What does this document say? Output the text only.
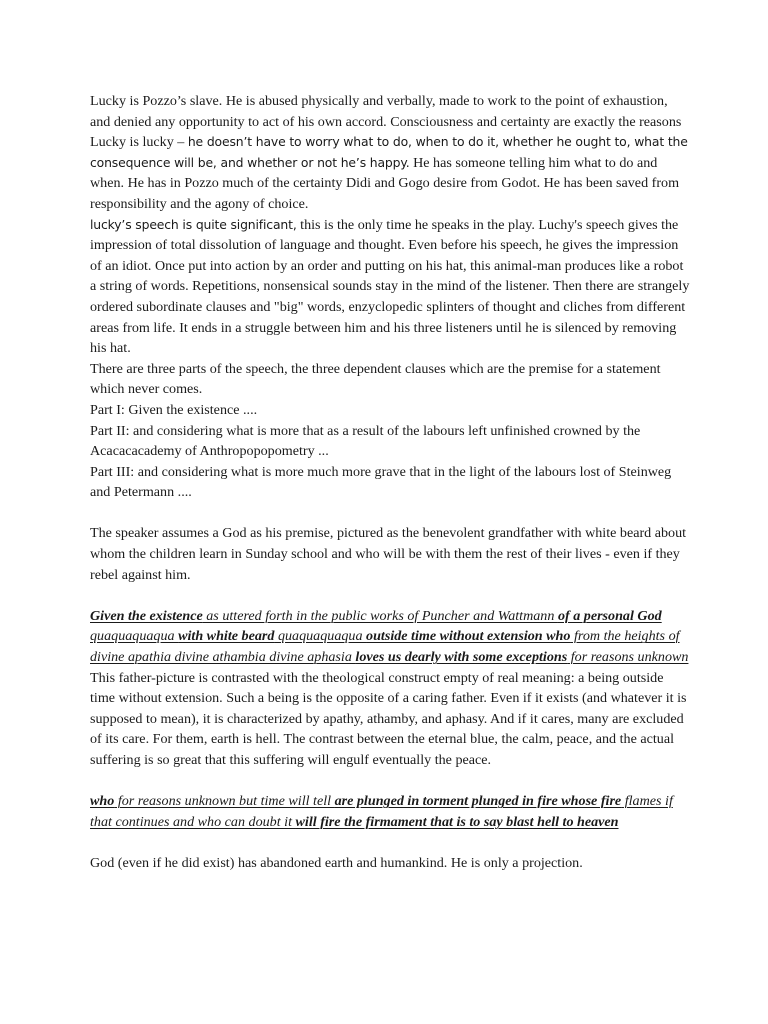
Lucky is Pozzo’s slave. He is abused physically and verbally, made to work to the point of exhaustion, and denied any opportunity to act of his own accord. Consciousness and certainty are exactly the reasons Lucky is lucky – he doesn’t have to worry what to do, when to do it, whether he ought to, what the consequence will be, and whether or not he’s happy. He has someone telling him what to do and when. He has in Pozzo much of the certainty Didi and Gogo desire from Godot. He has been saved from responsibility and the agony of choice.

lucky’s speech is quite significant, this is the only time he speaks in the play. Luchy's speech gives the impression of total dissolution of language and thought. Even before his speech, he gives the impression of an idiot. Once put into action by an order and putting on his hat, this animal-man produces like a robot a string of words. Repetitions, nonsensical sounds stay in the mind of the listener. Then there are strangely ordered subordinate clauses and "big" words, enzyclopedic splinters of thought and cliches from different areas from life. It ends in a struggle between him and his three listeners until he is silenced by removing his hat.

There are three parts of the speech, the three dependent clauses which are the premise for a statement which never comes.

Part I: Given the existence ....

Part II: and considering what is more that as a result of the labours left unfinished crowned by the Acacacacademy of Anthropopopometry ...

Part III: and considering what is more much more grave that in the light of the labours lost of Steinweg and Petermann ....

The speaker assumes a God as his premise, pictured as the benevolent grandfather with white beard about whom the children learn in Sunday school and who will be with them the rest of their lives - even if they rebel against him.

Given the existence as uttered forth in the public works of Puncher and Wattmann of a personal God quaquaquaqua with white beard quaquaquaqua outside time without extension who from the heights of divine apathia divine athambia divine aphasia loves us dearly with some exceptions for reasons unknown

This father-picture is contrasted with the theological construct empty of real meaning: a being outside time without extension. Such a being is the opposite of a caring father. Even if it exists (and whatever it is supposed to mean), it is characterized by apathy, athamby, and aphasy. And if it cares, many are excluded of its care. For them, earth is hell. The contrast between the eternal blue, the calm, peace, and the actual suffering is so great that this suffering will engulf eventually the peace.

who for reasons unknown but time will tell are plunged in torment plunged in fire whose fire flames if that continues and who can doubt it will fire the firmament that is to say blast hell to heaven

God (even if he did exist) has abandoned earth and humankind. He is only a projection.
